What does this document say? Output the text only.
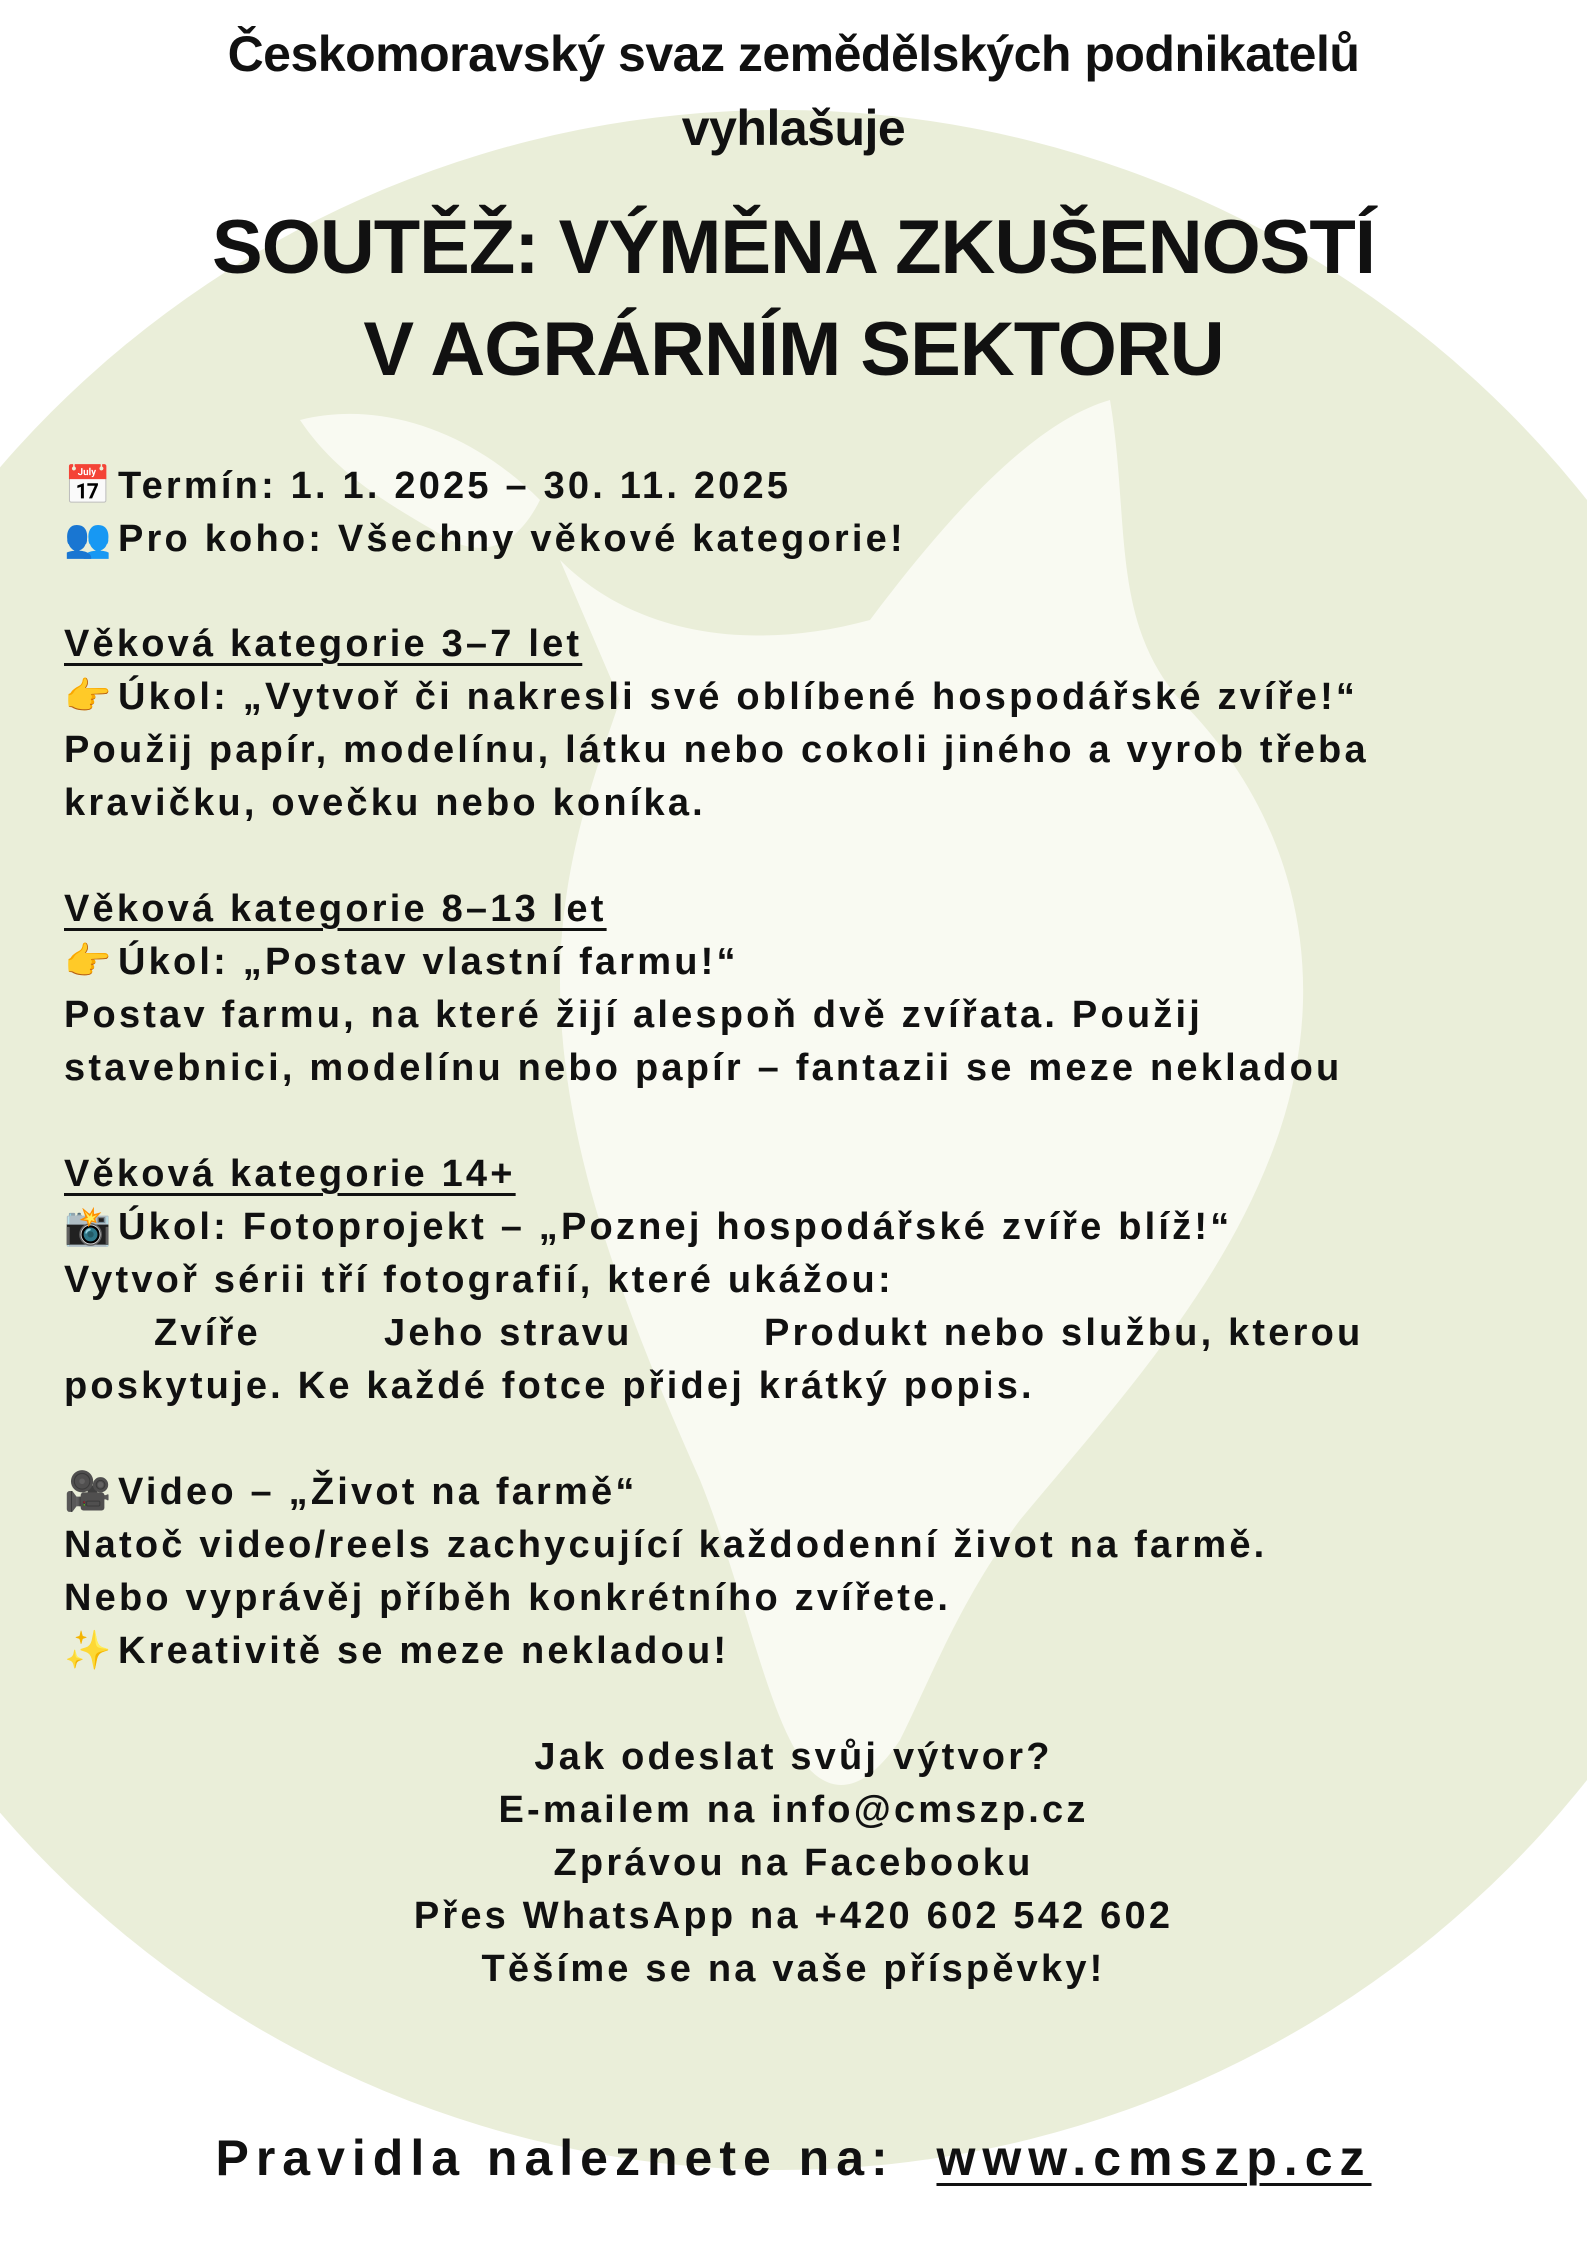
Českomoravský svaz zemědělských podnikatelů
vyhlašuje
SOUTĚŽ: VÝMĚNA ZKUŠENOSTÍ
V AGRÁRNÍM SEKTORU
📅Termín: 1. 1. 2025 – 30. 11. 2025
👥Pro koho: Všechny věkové kategorie!
Věková kategorie 3–7 let
👉Úkol: „Vytvoř či nakresli své oblíbené hospodářské zvíře!“
Použij papír, modelínu, látku nebo cokoli jiného a vyrob třeba
kravičku, ovečku nebo koníka.
Věková kategorie 8–13 let
👉Úkol: „Postav vlastní farmu!“
Postav farmu, na které žijí alespoň dvě zvířata. Použij
stavebnici, modelínu nebo papír – fantazii se meze nekladou
Věková kategorie 14+
📸Úkol: Fotoprojekt – „Poznej hospodářské zvíře blíž!“
Vytvoř sérii tří fotografií, které ukážou:
Zvíře	Jeho stravu	Produkt nebo službu, kterou
poskytuje. Ke každé fotce přidej krátký popis.
🎥Video – „Život na farmě“
Natoč video/reels zachycující každodenní život na farmě.
Nebo vyprávěj příběh konkrétního zvířete.
✨Kreativitě se meze nekladou!
Jak odeslat svůj výtvor?
E-mailem na info@cmszp.cz
Zprávou na Facebooku
Přes WhatsApp na +420 602 542 602
Těšíme se na vaše příspěvky!
Pravidla naleznete na: www.cmszp.cz
